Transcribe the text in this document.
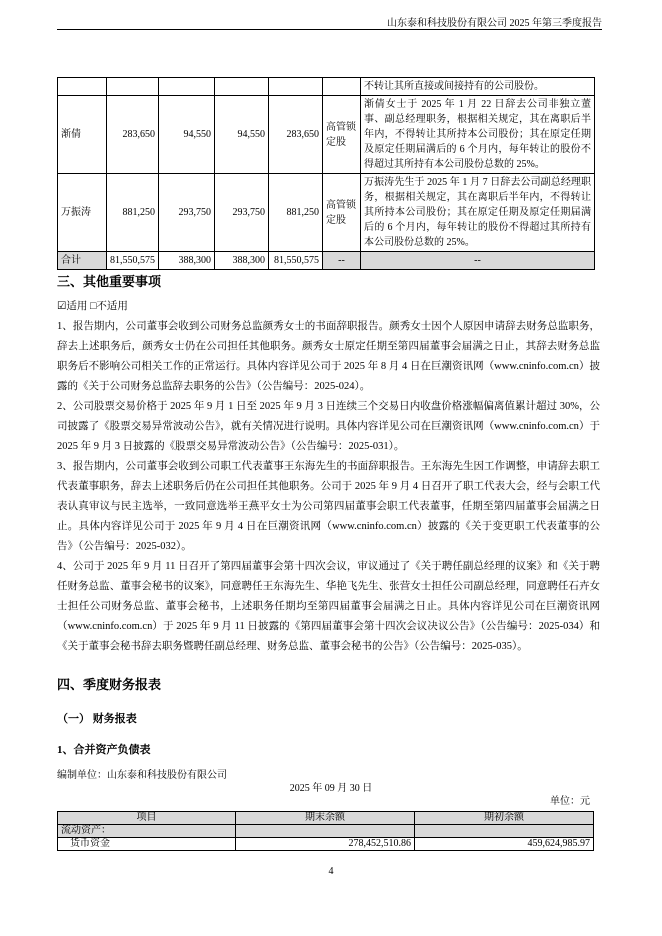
山东泰和科技股份有限公司 2025 年第三季度报告
						不转让其所直接或间接持有的公司股份。
渐倩	283,650	94,550	94,550	283,650	高管锁定股	渐倩女士于 2025 年 1 月 22 日辞去公司非独立董事、副总经理职务，根据相关规定，其在离职后半年内，不得转让其所持本公司股份；其在原定任期及原定任期届满后的 6 个月内，每年转让的股份不得超过其所持有本公司股份总数的 25%。
万振涛	881,250	293,750	293,750	881,250	高管锁定股	万振涛先生于 2025 年 1 月 7 日辞去公司副总经理职务，根据相关规定，其在离职后半年内，不得转让其所持本公司股份；其在原定任期及原定任期届满后的 6 个月内，每年转让的股份不得超过其所持有本公司股份总数的 25%。
合计	81,550,575	388,300	388,300	81,550,575	--	--
三、其他重要事项

☑适用 □不适用

1、报告期内，公司董事会收到公司财务总监颜秀女士的书面辞职报告。颜秀女士因个人原因申请辞去财务总监职务，辞去上述职务后，颜秀女士仍在公司担任其他职务。颜秀女士原定任期至第四届董事会届满之日止，其辞去财务总监职务后不影响公司相关工作的正常运行。具体内容详见公司于 2025 年 8 月 4 日在巨潮资讯网（www.cninfo.com.cn）披露的《关于公司财务总监辞去职务的公告》（公告编号：2025-024）。

2、公司股票交易价格于 2025 年 9 月 1 日至 2025 年 9 月 3 日连续三个交易日内收盘价格涨幅偏离值累计超过 30%，公司披露了《股票交易异常波动公告》，就有关情况进行说明。具体内容详见公司在巨潮资讯网（www.cninfo.com.cn）于 2025 年 9 月 3 日披露的《股票交易异常波动公告》（公告编号：2025-031）。

3、报告期内，公司董事会收到公司职工代表董事王东海先生的书面辞职报告。王东海先生因工作调整，申请辞去职工代表董事职务，辞去上述职务后仍在公司担任其他职务。公司于 2025 年 9 月 4 日召开了职工代表大会，经与会职工代表认真审议与民主选举，一致同意选举王燕平女士为公司第四届董事会职工代表董事，任期至第四届董事会届满之日止。具体内容详见公司于 2025 年 9 月 4 日在巨潮资讯网（www.cninfo.com.cn）披露的《关于变更职工代表董事的公告》（公告编号：2025-032）。

4、公司于 2025 年 9 月 11 日召开了第四届董事会第十四次会议，审议通过了《关于聘任副总经理的议案》和《关于聘任财务总监、董事会秘书的议案》，同意聘任王东海先生、华艳飞先生、张营女士担任公司副总经理，同意聘任石卉女士担任公司财务总监、董事会秘书，上述职务任期均至第四届董事会届满之日止。具体内容详见公司在巨潮资讯网（www.cninfo.com.cn）于 2025 年 9 月 11 日披露的《第四届董事会第十四次会议决议公告》（公告编号：2025-034）和《关于董事会秘书辞去职务暨聘任副总经理、财务总监、董事会秘书的公告》（公告编号：2025-035）。

四、季度财务报表
（一） 财务报表
1、合并资产负债表
编制单位：山东泰和科技股份有限公司
2025 年 09 月 30 日
单位：元
项目	期末余额	期初余额
流动资产：		
货币资金	278,452,510.86	459,624,985.97
4
